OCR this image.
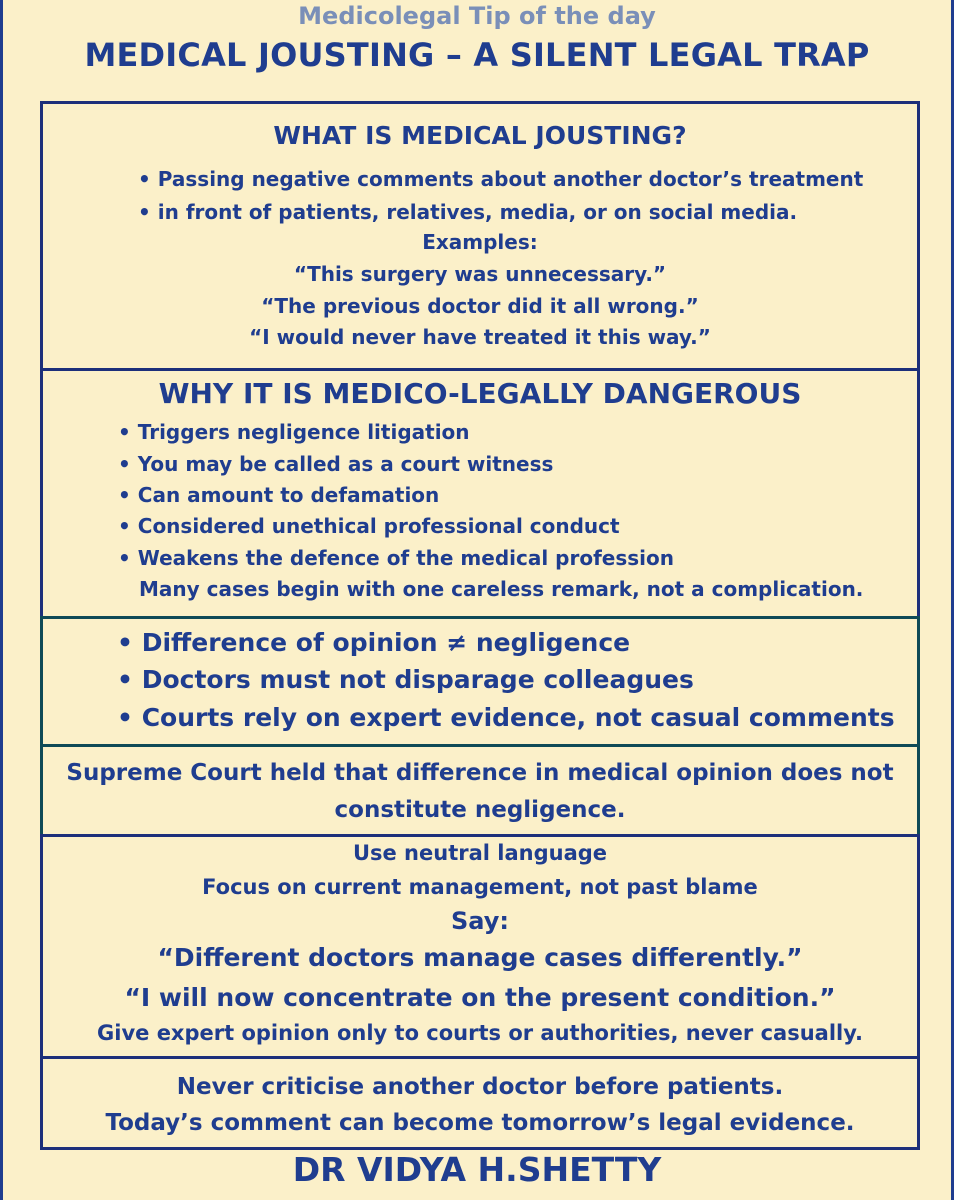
Medicolegal Tip of the day
MEDICAL JOUSTING – A SILENT LEGAL TRAP
WHAT IS MEDICAL JOUSTING?
• Passing negative comments about another doctor’s treatment
• in front of patients, relatives, media, or on social media.
Examples:
“This surgery was unnecessary.”
“The previous doctor did it all wrong.”
“I would never have treated it this way.”
WHY IT IS MEDICO-LEGALLY DANGEROUS
• Triggers negligence litigation
• You may be called as a court witness
• Can amount to defamation
• Considered unethical professional conduct
• Weakens the defence of the medical profession
Many cases begin with one careless remark, not a complication.
• Difference of opinion ≠ negligence
• Doctors must not disparage colleagues
• Courts rely on expert evidence, not casual comments
Supreme Court held that difference in medical opinion does not
constitute negligence.
Use neutral language
Focus on current management, not past blame
Say:
“Different doctors manage cases differently.”
“I will now concentrate on the present condition.”
Give expert opinion only to courts or authorities, never casually.
Never criticise another doctor before patients.
Today’s comment can become tomorrow’s legal evidence.
DR VIDYA H.SHETTY
